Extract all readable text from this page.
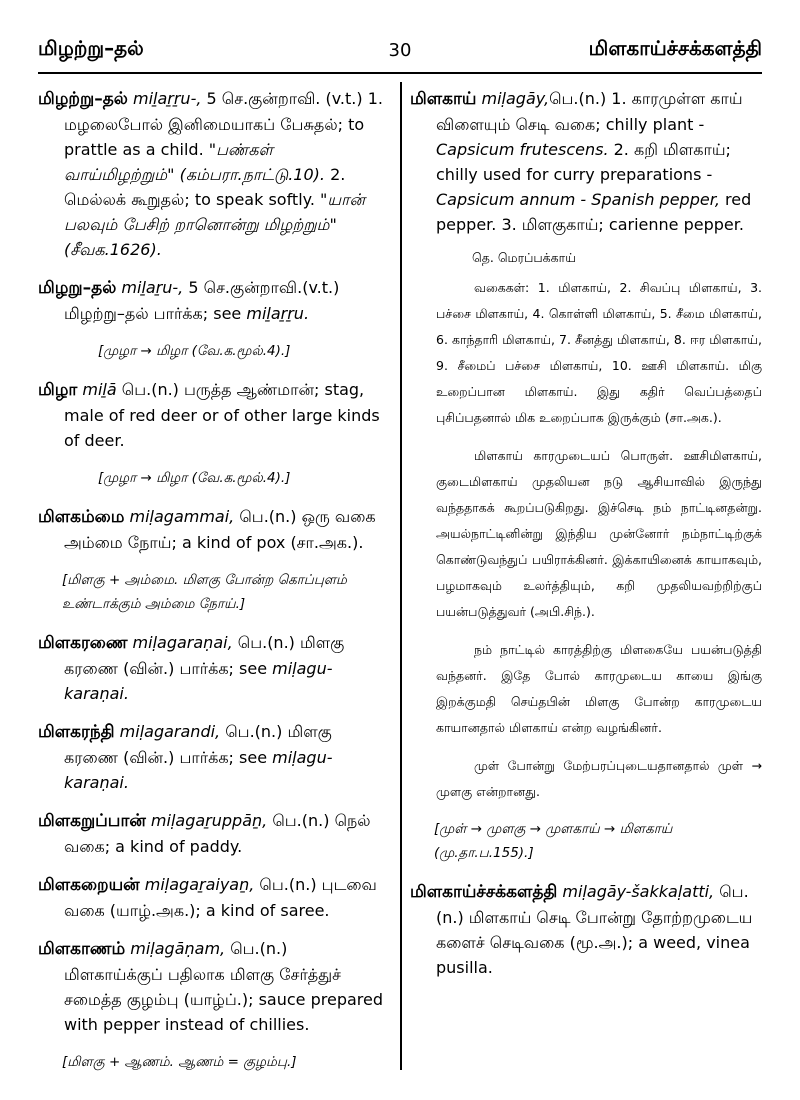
மிழற்று–தல்	30	மிளகாய்ச்சக்களத்தி
மிழற்று–தல் miḻaṟṟu-, 5 செ.குன்றாவி. (v.t.) 1. மழலைபோல் இனிமையாகப் பேசுதல்; to prattle as a child. "பண்கள் வாய்மிழற்றும்" (கம்பரா.நாட்டு.10). 2. மெல்லக் கூறுதல்; to speak softly. "யான் பலவும் பேசிற் றானொன்று மிழற்றும்" (சீவக.1626).
மிழறு–தல் miḻaṟu-, 5 செ.குன்றாவி.(v.t.) மிழற்று–தல் பார்க்க; see miḻaṟṟu.
[முழா → மிழா (வே.க.மூல்.4).]
மிழா miḻā பெ.(n.) பருத்த ஆண்மான்; stag, male of red deer or of other large kinds of deer.
[முழா → மிழா (வே.க.மூல்.4).]
மிளகம்மை miḷagammai, பெ.(n.) ஒரு வகை அம்மை நோய்; a kind of pox (சா.அக.).
[மிளகு + அம்மை. மிளகு போன்ற கொப்புளம் உண்டாக்கும் அம்மை நோய்.]
மிளகரணை miḷagaraṇai, பெ.(n.) மிளகு கரணை (வின்.) பார்க்க; see miḷagu-karaṇai.
மிளகரந்தி miḷagarandi, பெ.(n.) மிளகு கரணை (வின்.) பார்க்க; see miḷagu-karaṇai.
மிளகறுப்பான் miḷagaṟuppāṉ, பெ.(n.) நெல் வகை; a kind of paddy.
மிளகறையன் miḷagaṟaiyaṉ, பெ.(n.) புடவை வகை (யாழ்.அக.); a kind of saree.
மிளகாணம் miḷagāṇam, பெ.(n.) மிளகாய்க்குப் பதிலாக மிளகு சேர்த்துச் சமைத்த குழம்பு (யாழ்ப்.); sauce prepared with pepper instead of chillies.
[மிளகு + ஆணம். ஆணம் = குழம்பு.]
மிளகாய் miḷagāy,பெ.(n.) 1. காரமுள்ள காய் விளையும் செடி வகை; chilly plant - Capsicum frutescens. 2. கறி மிளகாய்; chilly used for curry preparations - Capsicum annum - Spanish pepper, red pepper. 3. மிளகுகாய்; carienne pepper.
தெ. மெரப்பக்காய்
வகைகள்: 1. மிளகாய், 2. சிவப்பு மிளகாய், 3. பச்சை மிளகாய், 4. கொள்ளி மிளகாய், 5. சீமை மிளகாய், 6. காந்தாரி மிளகாய், 7. சீனத்து மிளகாய், 8. ஈர மிளகாய், 9. சீமைப் பச்சை மிளகாய், 10. ஊசி மிளகாய். மிகு உறைப்பான மிளகாய். இது கதிர் வெப்பத்தைப் புசிப்பதனால் மிக உறைப்பாக இருக்கும் (சா.அக.).
மிளகாய் காரமுடையப் பொருள். ஊசிமிளகாய், குடைமிளகாய் முதலியன நடு ஆசியாவில் இருந்து வந்ததாகக் கூறப்படுகிறது. இச்செடி நம் நாட்டினதன்று. அயல்நாட்டினின்று இந்திய முன்னோர் நம்நாட்டிற்குக் கொண்டுவந்துப் பயிராக்கினர். இக்காயினைக் காயாகவும், பழமாகவும் உலர்த்தியும், கறி முதலியவற்றிற்குப் பயன்படுத்துவர் (அபி.சிந்.).
நம் நாட்டில் காரத்திற்கு மிளகையே பயன்படுத்தி வந்தனர். இதே போல் காரமுடைய காயை இங்கு இறக்குமதி செய்தபின் மிளகு போன்ற காரமுடைய காயானதால் மிளகாய் என்ற வழங்கினர்.
முள் போன்று மேற்பரப்புடையதானதால் முள் → முளகு என்றானது.
[முள் → முளகு → முளகாய் → மிளகாய் (மு.தா.ப.155).]
மிளகாய்ச்சக்களத்தி miḷagāy-šakkaḷatti, பெ.(n.) மிளகாய் செடி போன்று தோற்றமுடைய களைச் செடிவகை (மூ.அ.); a weed, vinea pusilla.
